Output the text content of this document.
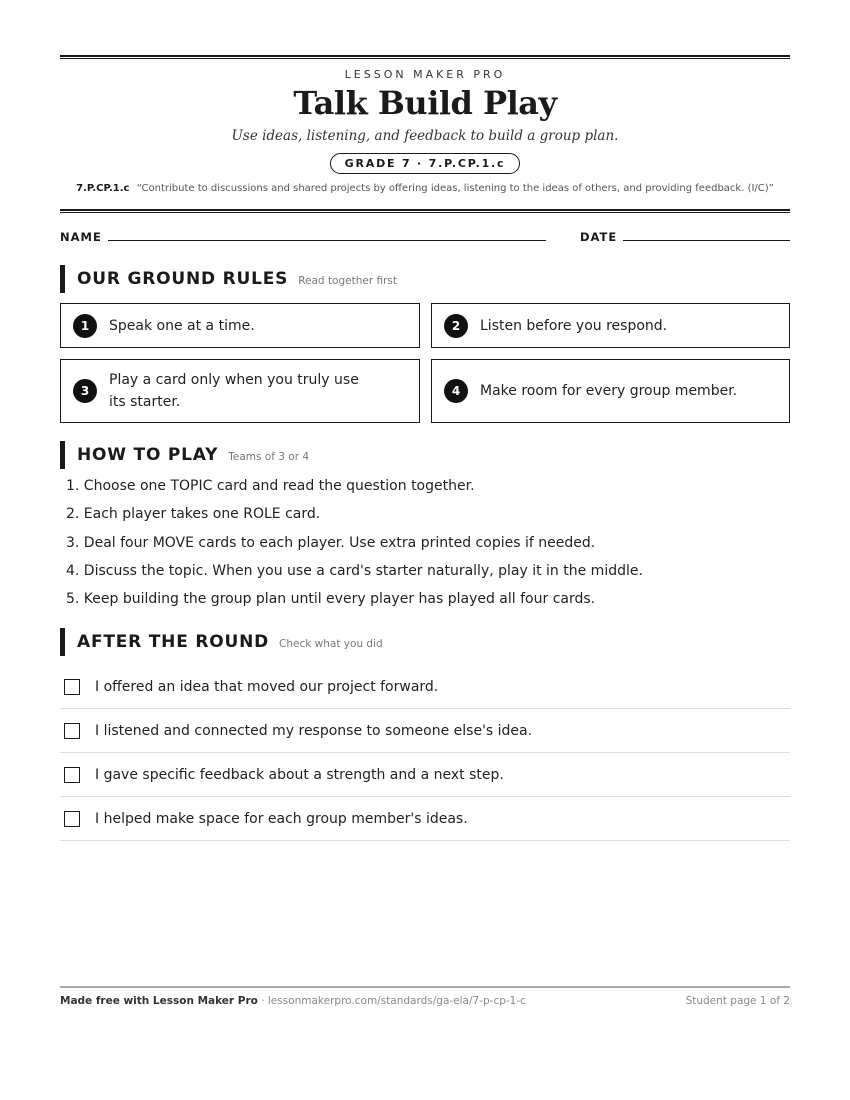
LESSON MAKER PRO
Talk Build Play
Use ideas, listening, and feedback to build a group plan.
GRADE 7 · 7.P.CP.1.c
7.P.CP.1.c “Contribute to discussions and shared projects by offering ideas, listening to the ideas of others, and providing feedback. (I/C)”
NAME	DATE
OUR GROUND RULES Read together first
1	Speak one at a time.	2	Listen before you respond.
3
Play a card only when you truly use its starter.
4	Make room for every group member.
HOW TO PLAY Teams of 3 or 4
1. Choose one TOPIC card and read the question together.
2. Each player takes one ROLE card.
3. Deal four MOVE cards to each player. Use extra printed copies if needed.
4. Discuss the topic. When you use a card's starter naturally, play it in the middle.
5. Keep building the group plan until every player has played all four cards.
AFTER THE ROUND Check what you did
I offered an idea that moved our project forward.
I listened and connected my response to someone else's idea.
I gave specific feedback about a strength and a next step.
I helped make space for each group member's ideas.
Made free with Lesson Maker Pro · lessonmakerpro.com/standards/ga-ela/7-p-cp-1-c	Student page 1 of 2
